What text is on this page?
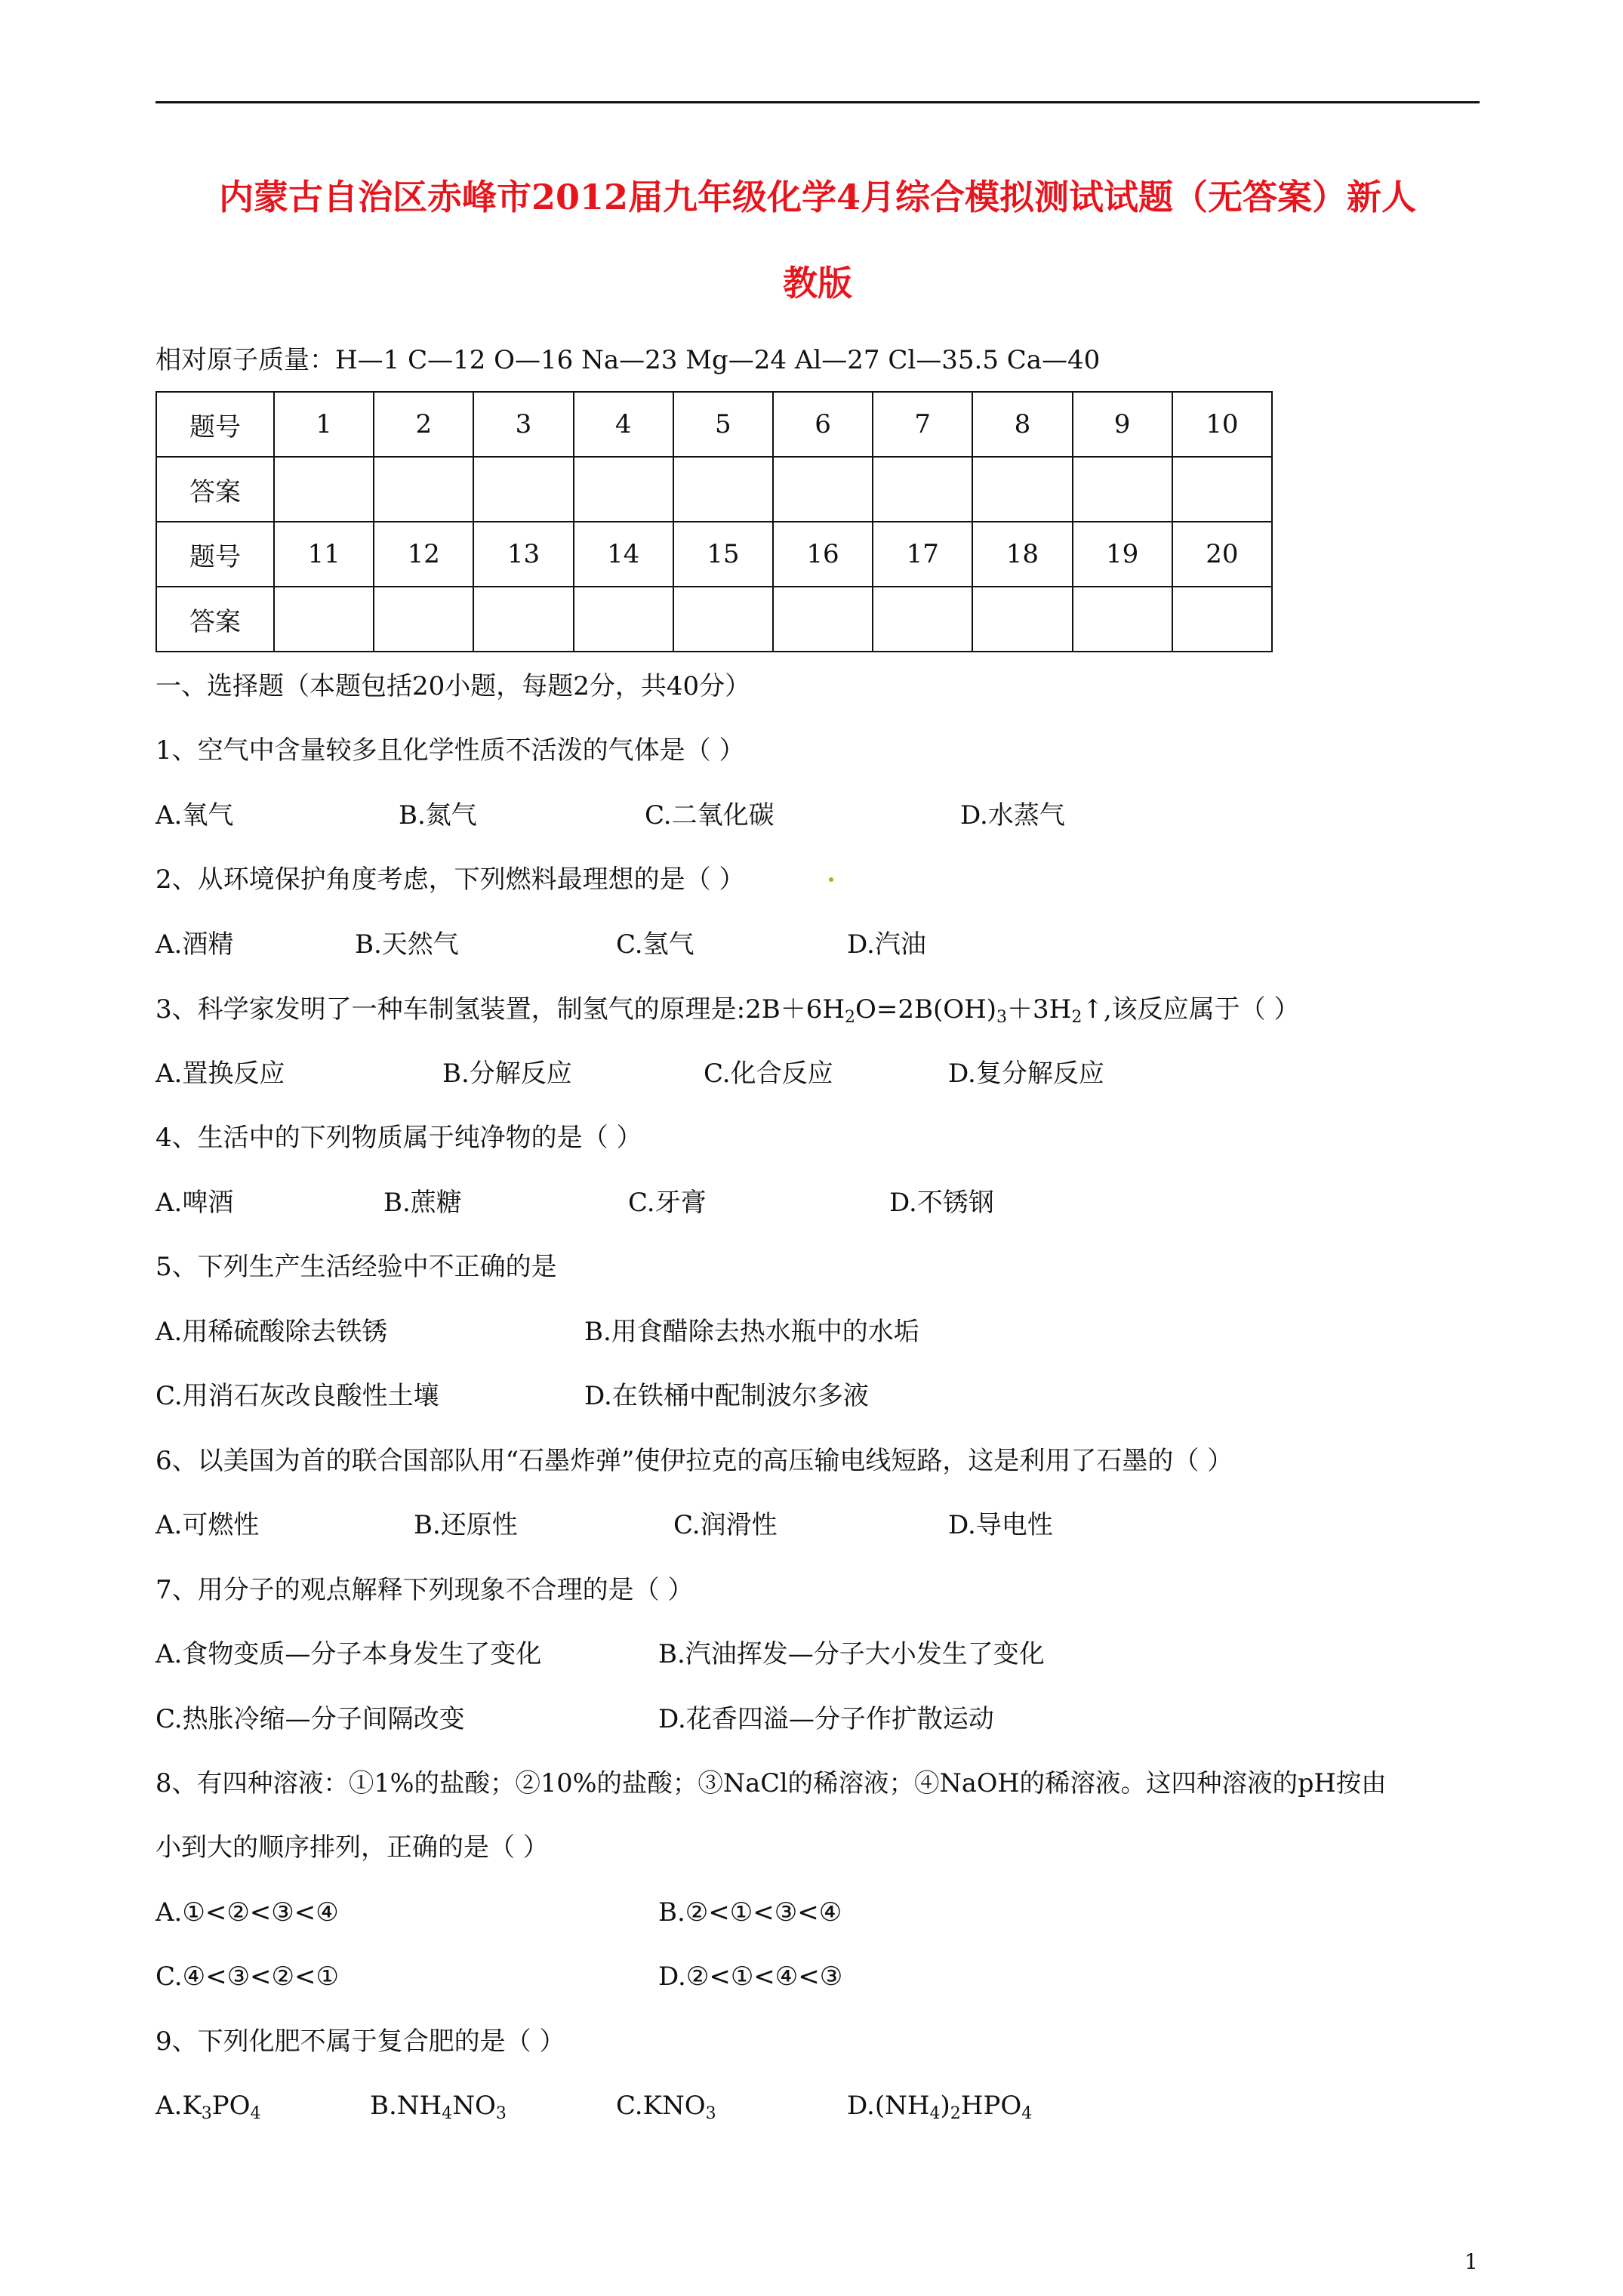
内蒙古自治区赤峰市2012届九年级化学4月综合模拟测试试题（无答案）新人
教版
相对原子质量：H—1 C—12 O—16 Na—23 Mg—24 Al—27 Cl—35.5 Ca—40
题号	1	2	3	4	5	6	7	8	9	10
答案										
题号	11	12	13	14	15	16	17	18	19	20
答案										
一、选择题（本题包括20小题，每题2分，共40分）
1、空气中含量较多且化学性质不活泼的气体是（ ）
A.氧气	B.氮气	C.二氧化碳	D.水蒸气
2、从环境保护角度考虑，下列燃料最理想的是（ ）
A.酒精	B.天然气	C.氢气	D.汽油
3、科学家发明了一种车制氢装置，制氢气的原理是$:2B+6H_2O=2B(OH)_3+3H_2↑$,该反应属于（ ）
A.置换反应	B.分解反应	C.化合反应	D.复分解反应
4、生活中的下列物质属于纯净物的是（ ）
A.啤酒	B.蔗糖	C.牙膏	D.不锈钢
5、下列生产生活经验中不正确的是
A.用稀硫酸除去铁锈	B.用食醋除去热水瓶中的水垢
C.用消石灰改良酸性土壤	D.在铁桶中配制波尔多液
6、以美国为首的联合国部队用“石墨炸弹”使伊拉克的高压输电线短路，这是利用了石墨的（ ）
A.可燃性	B.还原性	C.润滑性	D.导电性
7、用分子的观点解释下列现象不合理的是（ ）
A.食物变质—分子本身发生了变化	B.汽油挥发—分子大小发生了变化
C.热胀冷缩—分子间隔改变	D.花香四溢—分子作扩散运动
8、有四种溶液：①1%的盐酸；②10%的盐酸；③NaCl的稀溶液；④NaOH的稀溶液。这四种溶液的pH按由
小到大的顺序排列，正确的是（ ）
A.①<②<③<④	B.②<①<③<④
C.④<③<②<①	D.②<①<④<③
9、下列化肥不属于复合肥的是（ ）
$A.K_3PO_4$	$B.NH_4NO_3$	$C.KNO_3$	$D.(NH_4)_2HPO_4$
1
